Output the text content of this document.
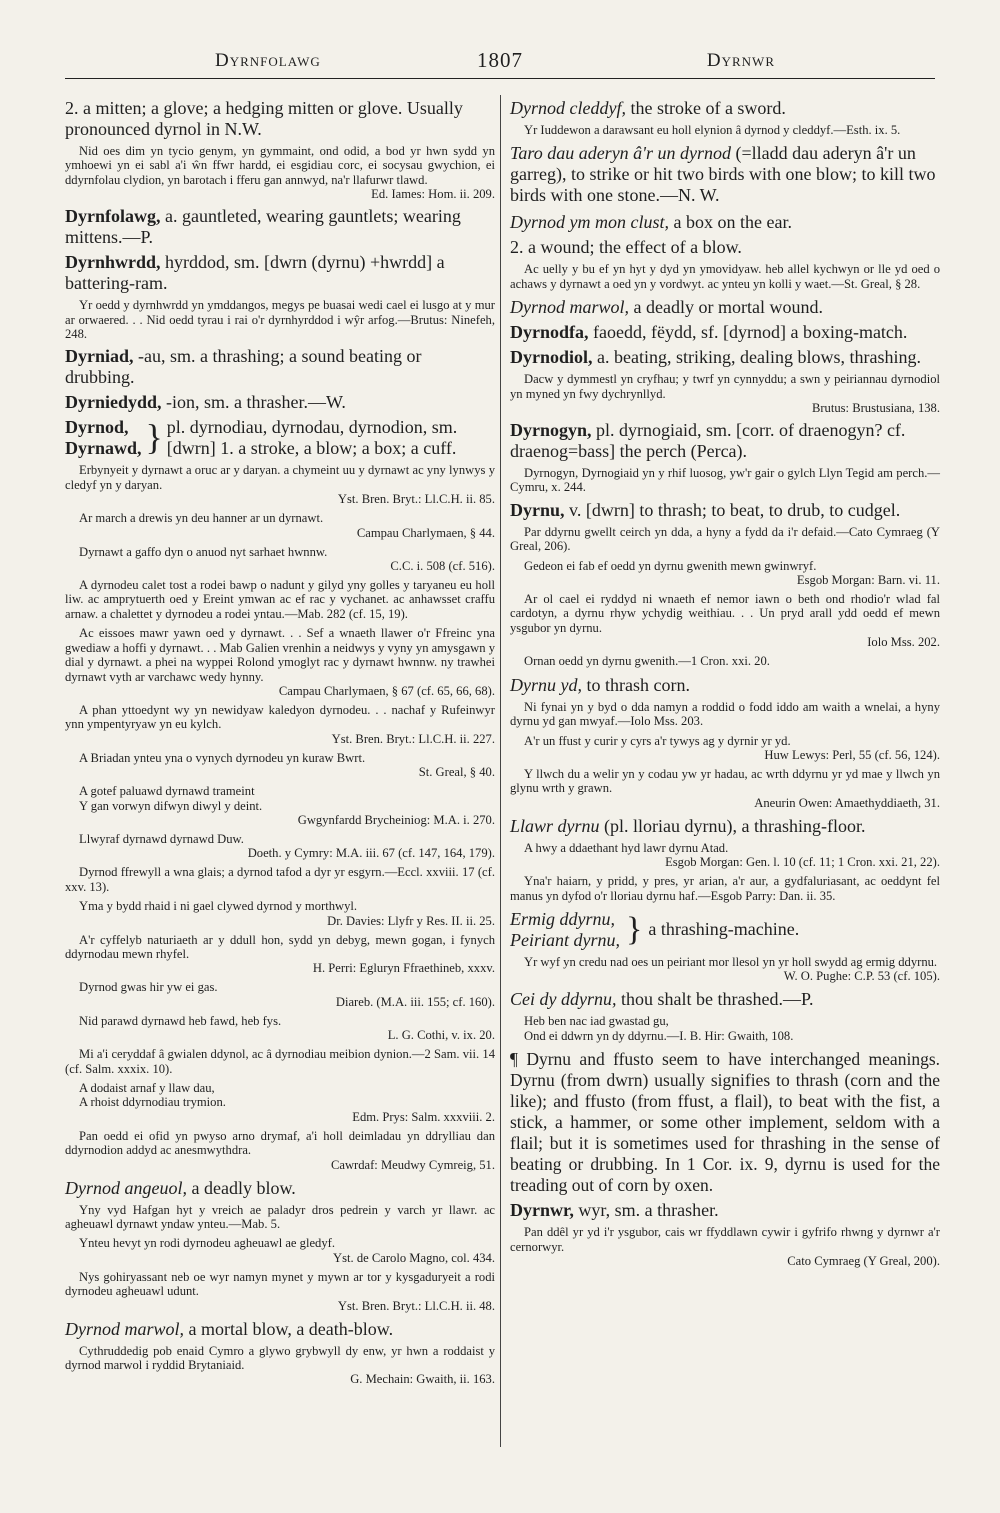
Dyrnfolawg	1807	Dyrnwr

2. a mitten; a glove; a hedging mitten or glove. Usually pronounced dyrnol in N.W.

Nid oes dim yn tycio genym, yn gymmaint, ond odid, a bod yr hwn sydd yn ymhoewi yn ei sabl a'i ŵn ffwr hardd, ei esgidiau corc, ei socysau gwychion, ei ddyrnfolau clydion, yn barotach i fferu gan annwyd, na'r llafurwr tlawd.
Ed. Iames: Hom. ii. 209.

Dyrnfolawg, a. gauntleted, wearing gauntlets; wearing mittens.—P.

Dyrnhwrdd, hyrddod, sm. [dwrn (dyrnu) +hwrdd] a battering-ram.

Yr oedd y dyrnhwrdd yn ymddangos, megys pe buasai wedi cael ei lusgo at y mur ar orwaered. . . Nid oedd tyrau i rai o'r dyrnhyrddod i wŷr arfog.—Brutus: Ninefeh, 248.

Dyrniad, -au, sm. a thrashing; a sound beating or drubbing.

Dyrniedydd, -ion, sm. a thrasher.—W.

Dyrnod,
Dyrnawd, } pl. dyrnodiau, dyrnodau, dyrnodion, sm. [dwrn] 1. a stroke, a blow; a box; a cuff.

Erbynyeit y dyrnawt a oruc ar y daryan. a chymeint uu y dyrnawt ac yny lynwys y cledyf yn y daryan.
Yst. Bren. Bryt.: Ll.C.H. ii. 85.

Ar march a drewis yn deu hanner ar un dyrnawt.
Campau Charlymaen, § 44.

Dyrnawt a gaffo dyn o anuod nyt sarhaet hwnnw.
C.C. i. 508 (cf. 516).

A dyrnodeu calet tost a rodei bawp o nadunt y gilyd yny golles y taryaneu eu holl liw. ac amprytuerth oed y Ereint ymwan ac ef rac y vychanet. ac anhawsset craffu arnaw. a chalettet y dyrnodeu a rodei yntau.—Mab. 282 (cf. 15, 19).

Ac eissoes mawr yawn oed y dyrnawt. . . Sef a wnaeth llawer o'r Ffreinc yna gwediaw a hoffi y dyrnawt. . . Mab Galien vrenhin a neidwys y vyny yn amysgawn y dial y dyrnawt. a phei na wyppei Rolond ymoglyt rac y dyrnawt hwnnw. ny trawhei dyrnawt vyth ar varchawc wedy hynny.
Campau Charlymaen, § 67 (cf. 65, 66, 68).

A phan yttoedynt wy yn newidyaw kaledyon dyrnodeu. . . nachaf y Rufeinwyr ynn ympentyryaw yn eu kylch.
Yst. Bren. Bryt.: Ll.C.H. ii. 227.

A Briadan ynteu yna o vynych dyrnodeu yn kuraw Bwrt.
St. Greal, § 40.

A gotef paluawd dyrnawd trameint
Y gan vorwyn difwyn diwyl y deint.
Gwgynfardd Brycheiniog: M.A. i. 270.

Llwyraf dyrnawd dyrnawd Duw.
Doeth. y Cymry: M.A. iii. 67 (cf. 147, 164, 179).

Dyrnod ffrewyll a wna glais; a dyrnod tafod a dyr yr esgyrn.—Eccl. xxviii. 17 (cf. xxv. 13).

Yma y bydd rhaid i ni gael clywed dyrnod y morthwyl.
Dr. Davies: Llyfr y Res. II. ii. 25.

A'r cyffelyb naturiaeth ar y ddull hon, sydd yn debyg, mewn gogan, i fynych ddyrnodau mewn rhyfel.
H. Perri: Egluryn Ffraethineb, xxxv.

Dyrnod gwas hir yw ei gas.
Diareb. (M.A. iii. 155; cf. 160).

Nid parawd dyrnawd heb fawd, heb fys.
L. G. Cothi, v. ix. 20.

Mi a'i ceryddaf â gwialen ddynol, ac â dyrnodiau meibion dynion.—2 Sam. vii. 14 (cf. Salm. xxxix. 10).

A dodaist arnaf y llaw dau,
A rhoist ddyrnodiau trymion.
Edm. Prys: Salm. xxxviii. 2.

Pan oedd ei ofid yn pwyso arno drymaf, a'i holl deimladau yn ddrylliau dan ddyrnodion addyd ac anesmwythdra.
Cawrdaf: Meudwy Cymreig, 51.

Dyrnod angeuol, a deadly blow.

Yny vyd Hafgan hyt y vreich ae paladyr dros pedrein y varch yr llawr. ac agheuawl dyrnawt yndaw ynteu.—Mab. 5.

Ynteu hevyt yn rodi dyrnodeu agheuawl ae gledyf.
Yst. de Carolo Magno, col. 434.

Nys gohiryassant neb oe wyr namyn mynet y mywn ar tor y kysgaduryeit a rodi dyrnodeu agheuawl udunt.
Yst. Bren. Bryt.: Ll.C.H. ii. 48.

Dyrnod marwol, a mortal blow, a death-blow.

Cythruddedig pob enaid Cymro a glywo grybwyll dy enw, yr hwn a roddaist y dyrnod marwol i ryddid Brytaniaid.
G. Mechain: Gwaith, ii. 163.

Dyrnod cleddyf, the stroke of a sword.

Yr Iuddewon a darawsant eu holl elynion â dyrnod y cleddyf.—Esth. ix. 5.

Taro dau aderyn â'r un dyrnod (=lladd dau aderyn â'r un garreg), to strike or hit two birds with one blow; to kill two birds with one stone.—N. W.

Dyrnod ym mon clust, a box on the ear.

2. a wound; the effect of a blow.

Ac uelly y bu ef yn hyt y dyd yn ymovidyaw. heb allel kychwyn or lle yd oed o achaws y dyrnawt a oed yn y vordwyt. ac ynteu yn kolli y waet.—St. Greal, § 28.

Dyrnod marwol, a deadly or mortal wound.

Dyrnodfa, faoedd, fëydd, sf. [dyrnod] a boxing-match.

Dyrnodiol, a. beating, striking, dealing blows, thrashing.

Dacw y dymmestl yn cryfhau; y twrf yn cynnyddu; a swn y peiriannau dyrnodiol yn myned yn fwy dychrynllyd.
Brutus: Brustusiana, 138.

Dyrnogyn, pl. dyrnogiaid, sm. [corr. of draenogyn? cf. draenog=bass] the perch (Perca).

Dyrnogyn, Dyrnogiaid yn y rhif luosog, yw'r gair o gylch Llyn Tegid am perch.—Cymru, x. 244.

Dyrnu, v. [dwrn] to thrash; to beat, to drub, to cudgel.

Par ddyrnu gwellt ceirch yn dda, a hyny a fydd da i'r defaid.—Cato Cymraeg (Y Greal, 206).

Gedeon ei fab ef oedd yn dyrnu gwenith mewn gwinwryf.
Esgob Morgan: Barn. vi. 11.

Ar ol cael ei ryddyd ni wnaeth ef nemor iawn o beth ond rhodio'r wlad fal cardotyn, a dyrnu rhyw ychydig weithiau. . . Un pryd arall ydd oedd ef mewn ysgubor yn dyrnu.
Iolo Mss. 202.

Ornan oedd yn dyrnu gwenith.—1 Cron. xxi. 20.

Dyrnu yd, to thrash corn.

Ni fynai yn y byd o dda namyn a roddid o fodd iddo am waith a wnelai, a hyny dyrnu yd gan mwyaf.—Iolo Mss. 203.

A'r un ffust y curir y cyrs a'r tywys ag y dyrnir yr yd.
Huw Lewys: Perl, 55 (cf. 56, 124).

Y llwch du a welir yn y codau yw yr hadau, ac wrth ddyrnu yr yd mae y llwch yn glynu wrth y grawn.
Aneurin Owen: Amaethyddiaeth, 31.

Llawr dyrnu (pl. lloriau dyrnu), a thrashing-floor.

A hwy a ddaethant hyd lawr dyrnu Atad.
Esgob Morgan: Gen. l. 10 (cf. 11; 1 Cron. xxi. 21, 22).

Yna'r haiarn, y pridd, y pres, yr arian, a'r aur, a gydfaluriasant, ac oeddynt fel manus yn dyfod o'r lloriau dyrnu haf.—Esgob Parry: Dan. ii. 35.

Ermig ddyrnu,
Peiriant dyrnu, } a thrashing-machine.

Yr wyf yn credu nad oes un peiriant mor llesol yn yr holl swydd ag ermig ddyrnu.
W. O. Pughe: C.P. 53 (cf. 105).

Cei dy ddyrnu, thou shalt be thrashed.—P.

Heb ben nac iad gwastad gu,
Ond ei ddwrn yn dy ddyrnu.—I. B. Hir: Gwaith, 108.

¶ Dyrnu and ffusto seem to have interchanged meanings. Dyrnu (from dwrn) usually signifies to thrash (corn and the like); and ffusto (from ffust, a flail), to beat with the fist, a stick, a hammer, or some other implement, seldom with a flail; but it is sometimes used for thrashing in the sense of beating or drubbing. In 1 Cor. ix. 9, dyrnu is used for the treading out of corn by oxen.

Dyrnwr, wyr, sm. a thrasher.

Pan ddêl yr yd i'r ysgubor, cais wr ffyddlawn cywir i gyfrifo rhwng y dyrnwr a'r cernorwyr.
Cato Cymraeg (Y Greal, 200).
